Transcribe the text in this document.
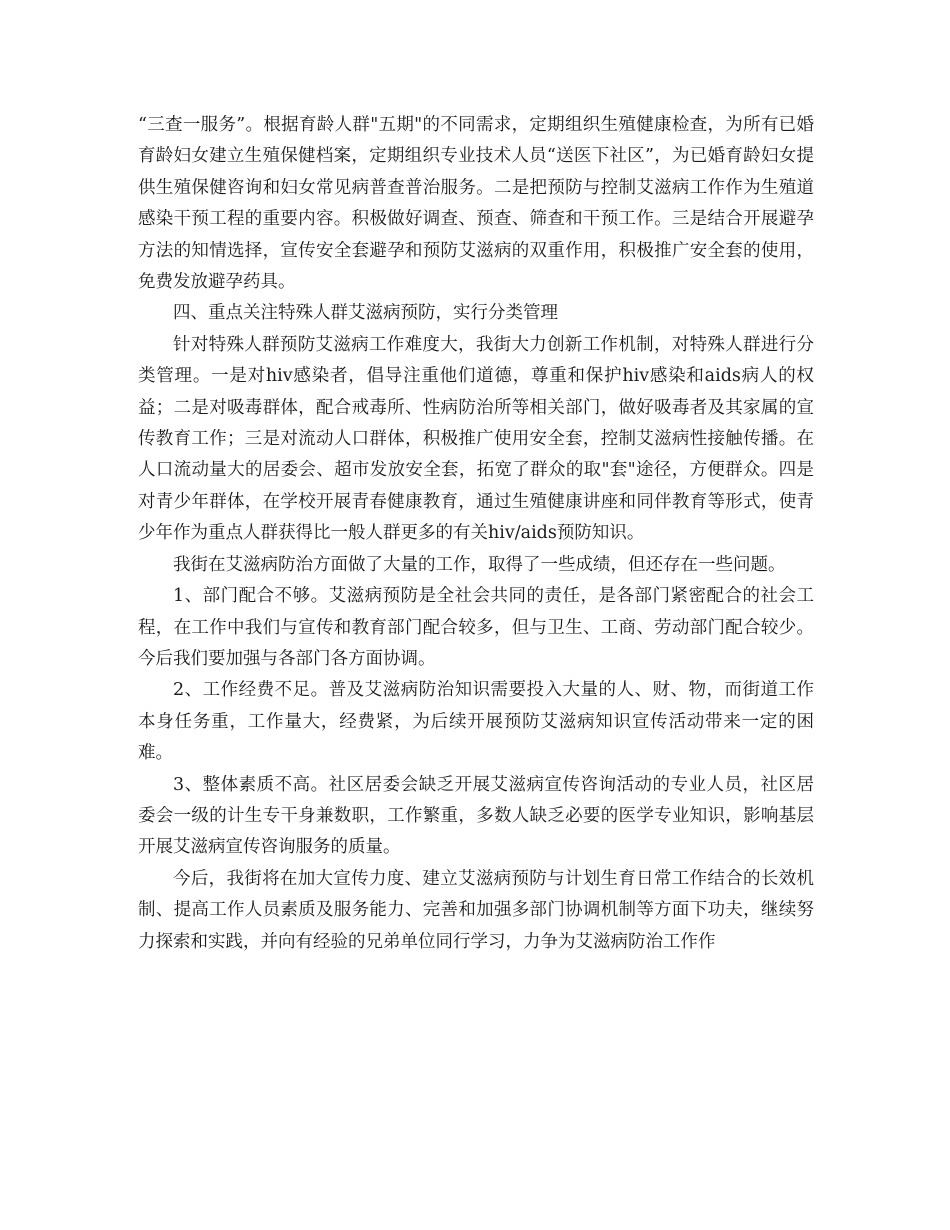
“三查一服务”。根据育龄人群"五期"的不同需求，定期组织生殖健康检查，为所有已婚育龄妇女建立生殖保健档案，定期组织专业技术人员“送医下社区”，为已婚育龄妇女提供生殖保健咨询和妇女常见病普查普治服务。二是把预防与控制艾滋病工作作为生殖道感染干预工程的重要内容。积极做好调查、预查、筛查和干预工作。三是结合开展避孕方法的知情选择，宣传安全套避孕和预防艾滋病的双重作用，积极推广安全套的使用，免费发放避孕药具。

四、重点关注特殊人群艾滋病预防，实行分类管理

针对特殊人群预防艾滋病工作难度大，我街大力创新工作机制，对特殊人群进行分类管理。一是对hiv感染者，倡导注重他们道德，尊重和保护hiv感染和aids病人的权益；二是对吸毒群体，配合戒毒所、性病防治所等相关部门，做好吸毒者及其家属的宣传教育工作；三是对流动人口群体，积极推广使用安全套，控制艾滋病性接触传播。在人口流动量大的居委会、超市发放安全套，拓宽了群众的取"套"途径，方便群众。四是对青少年群体，在学校开展青春健康教育，通过生殖健康讲座和同伴教育等形式，使青少年作为重点人群获得比一般人群更多的有关hiv/aids预防知识。

我街在艾滋病防治方面做了大量的工作，取得了一些成绩，但还存在一些问题。

1、部门配合不够。艾滋病预防是全社会共同的责任，是各部门紧密配合的社会工程，在工作中我们与宣传和教育部门配合较多，但与卫生、工商、劳动部门配合较少。今后我们要加强与各部门各方面协调。

2、工作经费不足。普及艾滋病防治知识需要投入大量的人、财、物，而街道工作本身任务重，工作量大，经费紧，为后续开展预防艾滋病知识宣传活动带来一定的困难。

3、整体素质不高。社区居委会缺乏开展艾滋病宣传咨询活动的专业人员，社区居委会一级的计生专干身兼数职，工作繁重，多数人缺乏必要的医学专业知识，影响基层开展艾滋病宣传咨询服务的质量。

今后，我街将在加大宣传力度、建立艾滋病预防与计划生育日常工作结合的长效机制、提高工作人员素质及服务能力、完善和加强多部门协调机制等方面下功夫，继续努力探索和实践，并向有经验的兄弟单位同行学习，力争为艾滋病防治工作作
